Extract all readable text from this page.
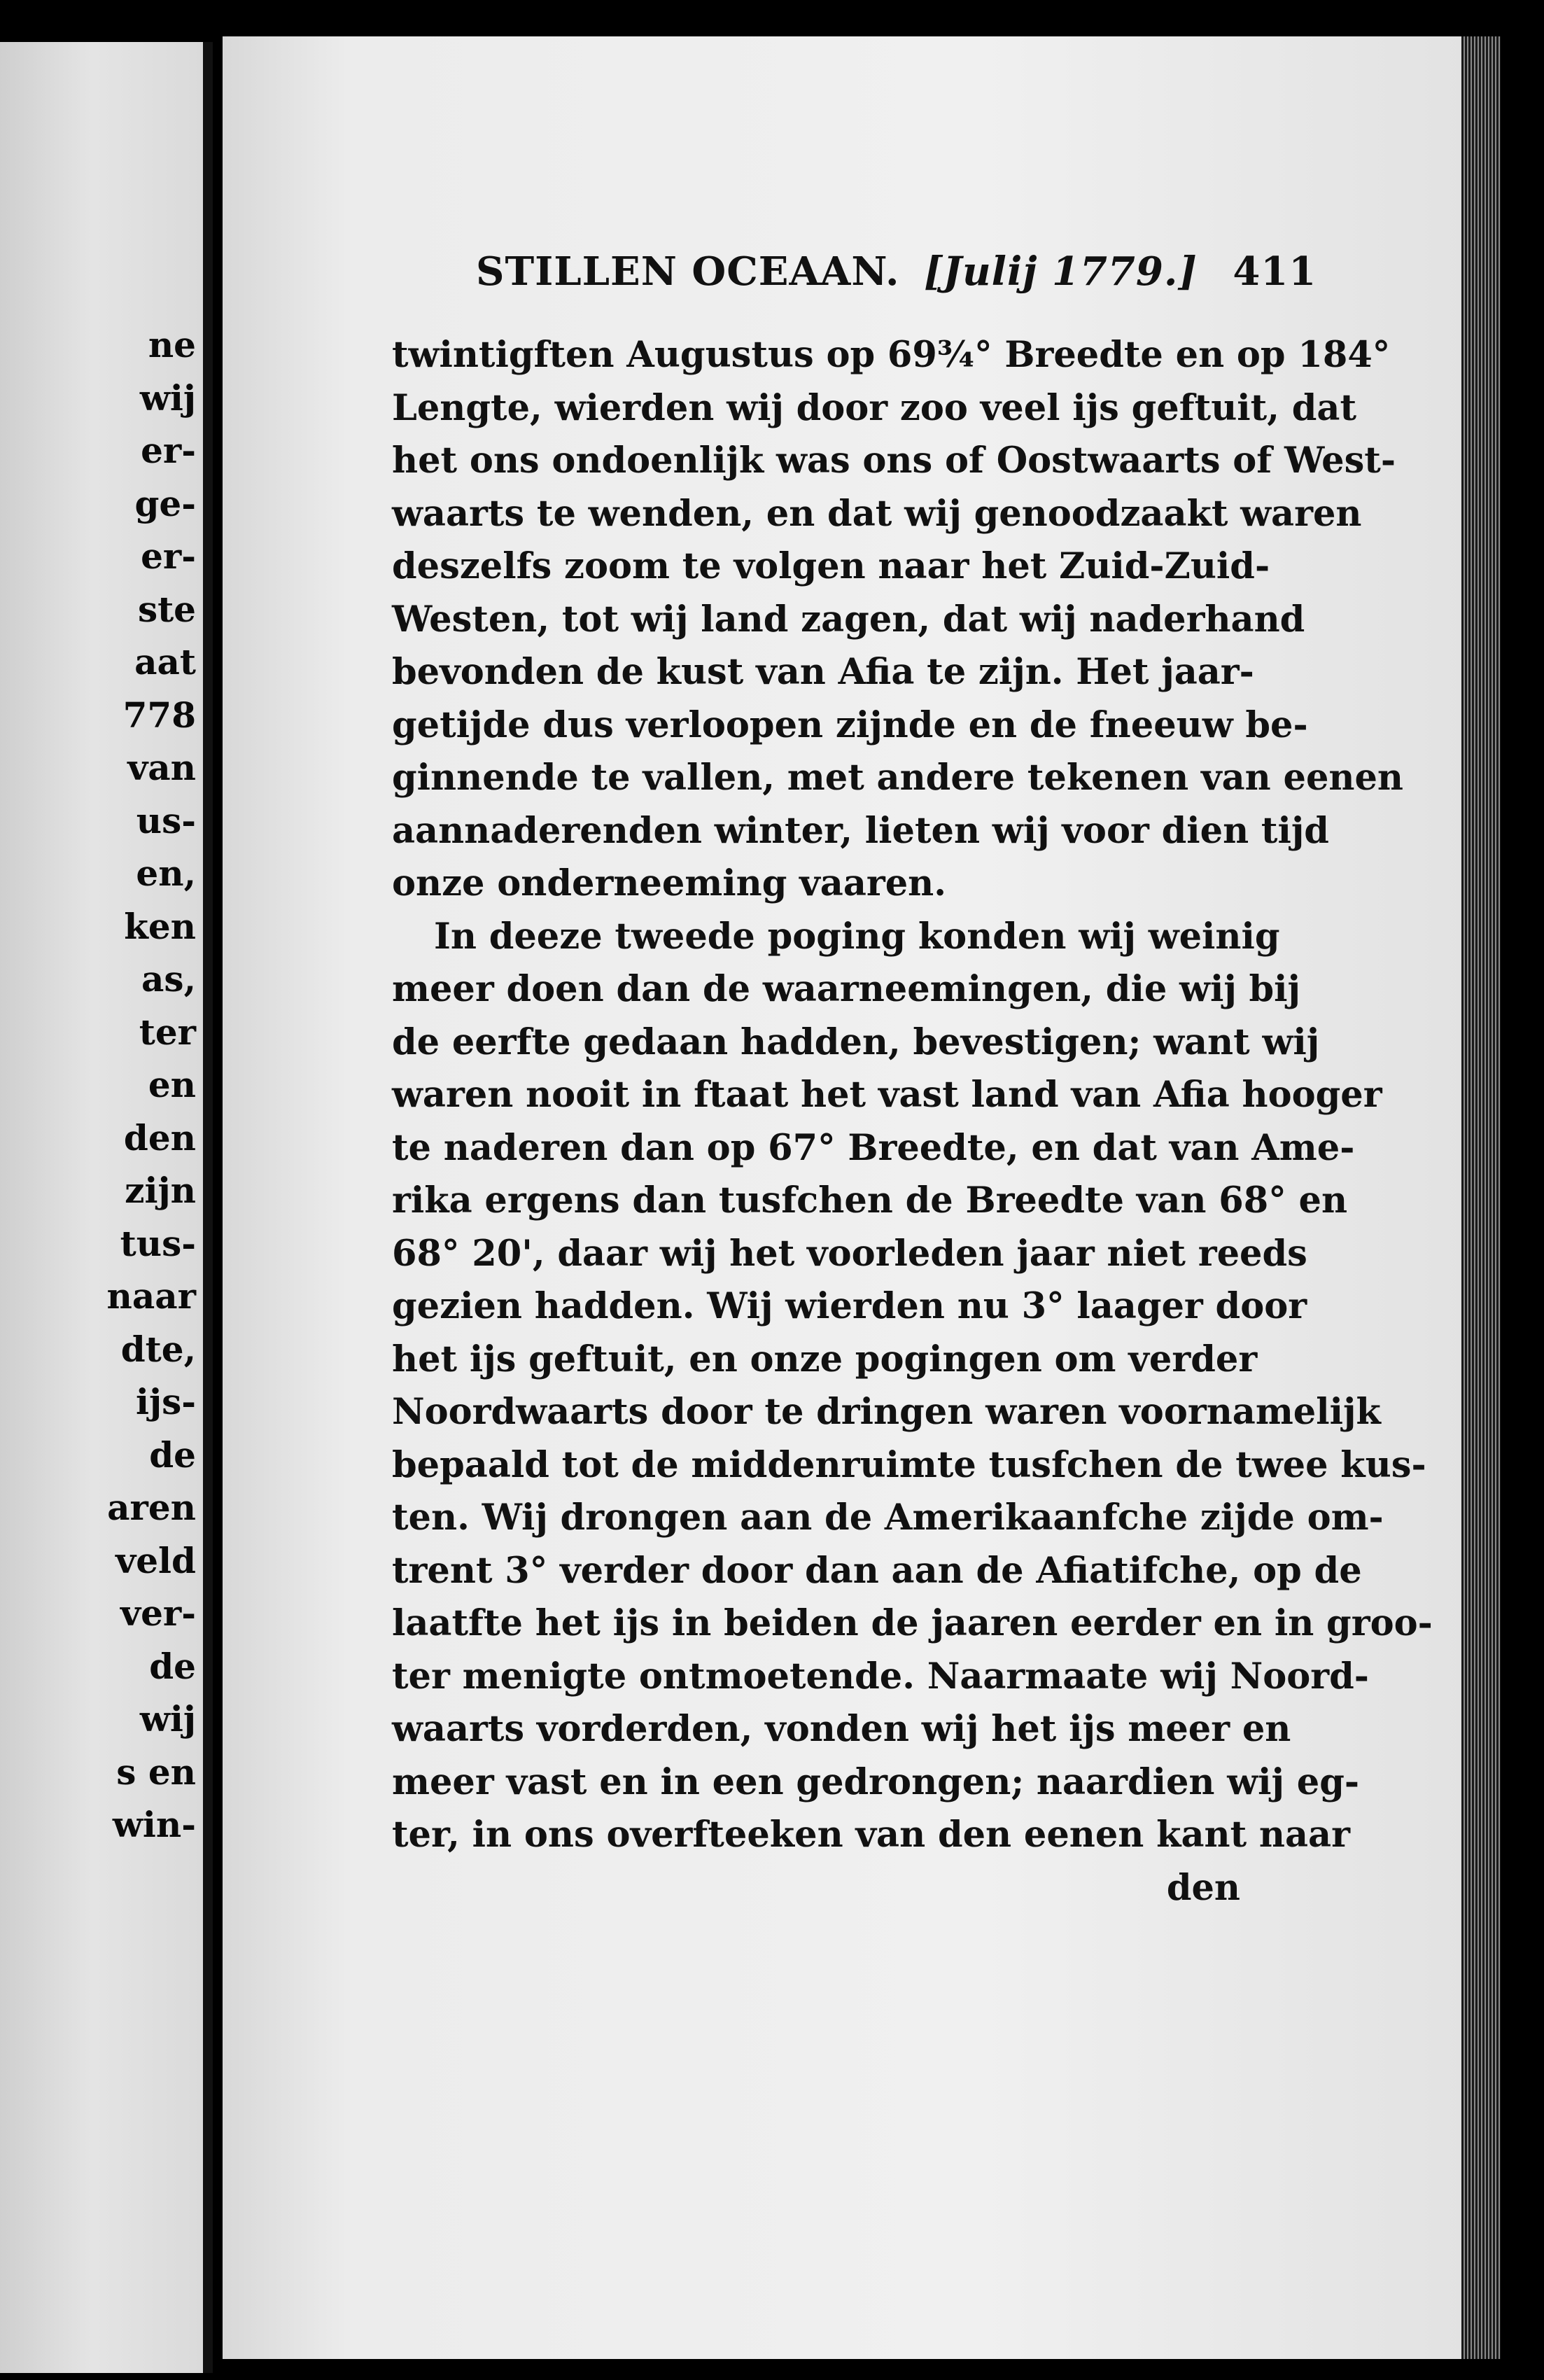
ne
wij
er-
ge-
er-
ste
aat
778
van
us-
en,
ken
as,
ter
en
den
zijn
tus-
naar
dte,
ijs-
de
aren
veld
ver-
de
wij
s en
win-
STILLEN OCEAAN. [Julij 1779.] 411
twintigften Augustus op 69¾° Breedte en op 184°
Lengte, wierden wij door zoo veel ijs geftuit, dat
het ons ondoenlijk was ons of Oostwaarts of West-
waarts te wenden, en dat wij genoodzaakt waren
deszelfs zoom te volgen naar het Zuid-Zuid-
Westen, tot wij land zagen, dat wij naderhand
bevonden de kust van Afia te zijn. Het jaar-
getijde dus verloopen zijnde en de fneeuw be-
ginnende te vallen, met andere tekenen van eenen
aannaderenden winter, lieten wij voor dien tijd
onze onderneeming vaaren.
In deeze tweede poging konden wij weinig
meer doen dan de waarneemingen, die wij bij
de eerfte gedaan hadden, bevestigen; want wij
waren nooit in ftaat het vast land van Afia hooger
te naderen dan op 67° Breedte, en dat van Ame-
rika ergens dan tusfchen de Breedte van 68° en
68° 20', daar wij het voorleden jaar niet reeds
gezien hadden. Wij wierden nu 3° laager door
het ijs geftuit, en onze pogingen om verder
Noordwaarts door te dringen waren voornamelijk
bepaald tot de middenruimte tusfchen de twee kus-
ten. Wij drongen aan de Amerikaanfche zijde om-
trent 3° verder door dan aan de Afiatifche, op de
laatfte het ijs in beiden de jaaren eerder en in groo-
ter menigte ontmoetende. Naarmaate wij Noord-
waarts vorderden, vonden wij het ijs meer en
meer vast en in een gedrongen; naardien wij eg-
ter, in ons overfteeken van den eenen kant naar
den
